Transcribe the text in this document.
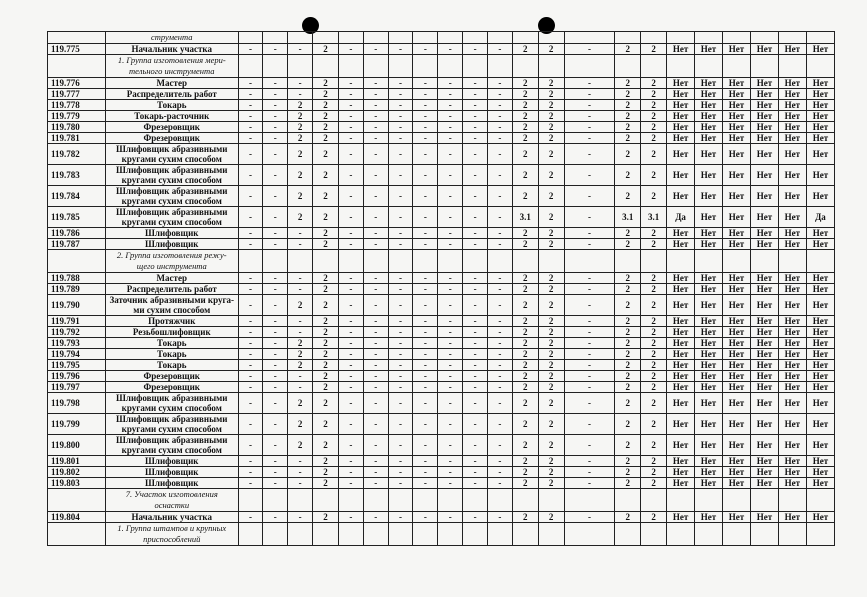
	струмента																						
119.775	Начальник участка	-	-	-	2	-	-	-	-	-	-	-	2	2	-	2	2	Нет	Нет	Нет	Нет	Нет	Нет
	1. Группа изготовления мери-тельного инструмента																						
119.776	Мастер	-	-	-	2	-	-	-	-	-	-	-	2	2	-	2	2	Нет	Нет	Нет	Нет	Нет	Нет
119.777	Распределитель работ	-	-	-	2	-	-	-	-	-	-	-	2	2	-	2	2	Нет	Нет	Нет	Нет	Нет	Нет
119.778	Токарь	-	-	2	2	-	-	-	-	-	-	-	2	2	-	2	2	Нет	Нет	Нет	Нет	Нет	Нет
119.779	Токарь-расточник	-	-	2	2	-	-	-	-	-	-	-	2	2	-	2	2	Нет	Нет	Нет	Нет	Нет	Нет
119.780	Фрезеровщик	-	-	2	2	-	-	-	-	-	-	-	2	2	-	2	2	Нет	Нет	Нет	Нет	Нет	Нет
119.781	Фрезеровщик	-	-	2	2	-	-	-	-	-	-	-	2	2	-	2	2	Нет	Нет	Нет	Нет	Нет	Нет
119.782	Шлифовщик абразивными кругами сухим способом	-	-	2	2	-	-	-	-	-	-	-	2	2	-	2	2	Нет	Нет	Нет	Нет	Нет	Нет
119.783	Шлифовщик абразивными кругами сухим способом	-	-	2	2	-	-	-	-	-	-	-	2	2	-	2	2	Нет	Нет	Нет	Нет	Нет	Нет
119.784	Шлифовщик абразивными кругами сухим способом	-	-	2	2	-	-	-	-	-	-	-	2	2	-	2	2	Нет	Нет	Нет	Нет	Нет	Нет
119.785	Шлифовщик абразивными кругами сухим способом	-	-	2	2	-	-	-	-	-	-	-	3.1	2	-	3.1	3.1	Да	Нет	Нет	Нет	Нет	Да
119.786	Шлифовщик	-	-	-	2	-	-	-	-	-	-	-	2	2	-	2	2	Нет	Нет	Нет	Нет	Нет	Нет
119.787	Шлифовщик	-	-	-	2	-	-	-	-	-	-	-	2	2	-	2	2	Нет	Нет	Нет	Нет	Нет	Нет
	2. Группа изготовления режу-щего инструмента																						
119.788	Мастер	-	-	-	2	-	-	-	-	-	-	-	2	2	-	2	2	Нет	Нет	Нет	Нет	Нет	Нет
119.789	Распределитель работ	-	-	-	2	-	-	-	-	-	-	-	2	2	-	2	2	Нет	Нет	Нет	Нет	Нет	Нет
119.790	Заточник абразивными круга-ми сухим способом	-	-	2	2	-	-	-	-	-	-	-	2	2	-	2	2	Нет	Нет	Нет	Нет	Нет	Нет
119.791	Протяжчик	-	-	-	2	-	-	-	-	-	-	-	2	2	-	2	2	Нет	Нет	Нет	Нет	Нет	Нет
119.792	Резьбошлифовщик	-	-	-	2	-	-	-	-	-	-	-	2	2	-	2	2	Нет	Нет	Нет	Нет	Нет	Нет
119.793	Токарь	-	-	2	2	-	-	-	-	-	-	-	2	2	-	2	2	Нет	Нет	Нет	Нет	Нет	Нет
119.794	Токарь	-	-	2	2	-	-	-	-	-	-	-	2	2	-	2	2	Нет	Нет	Нет	Нет	Нет	Нет
119.795	Токарь	-	-	2	2	-	-	-	-	-	-	-	2	2	-	2	2	Нет	Нет	Нет	Нет	Нет	Нет
119.796	Фрезеровщик	-	-	-	2	-	-	-	-	-	-	-	2	2	-	2	2	Нет	Нет	Нет	Нет	Нет	Нет
119.797	Фрезеровщик	-	-	-	2	-	-	-	-	-	-	-	2	2	-	2	2	Нет	Нет	Нет	Нет	Нет	Нет
119.798	Шлифовщик абразивными кругами сухим способом	-	-	2	2	-	-	-	-	-	-	-	2	2	-	2	2	Нет	Нет	Нет	Нет	Нет	Нет
119.799	Шлифовщик абразивными кругами сухим способом	-	-	2	2	-	-	-	-	-	-	-	2	2	-	2	2	Нет	Нет	Нет	Нет	Нет	Нет
119.800	Шлифовщик абразивными кругами сухим способом	-	-	2	2	-	-	-	-	-	-	-	2	2	-	2	2	Нет	Нет	Нет	Нет	Нет	Нет
119.801	Шлифовщик	-	-	-	2	-	-	-	-	-	-	-	2	2	-	2	2	Нет	Нет	Нет	Нет	Нет	Нет
119.802	Шлифовщик	-	-	-	2	-	-	-	-	-	-	-	2	2	-	2	2	Нет	Нет	Нет	Нет	Нет	Нет
119.803	Шлифовщик	-	-	-	2	-	-	-	-	-	-	-	2	2	-	2	2	Нет	Нет	Нет	Нет	Нет	Нет
	7. Участок изготовления оснастки																						
119.804	Начальник участка	-	-	-	2	-	-	-	-	-	-	-	2	2	-	2	2	Нет	Нет	Нет	Нет	Нет	Нет
	1. Группа штампов и крупных приспособлений																						
